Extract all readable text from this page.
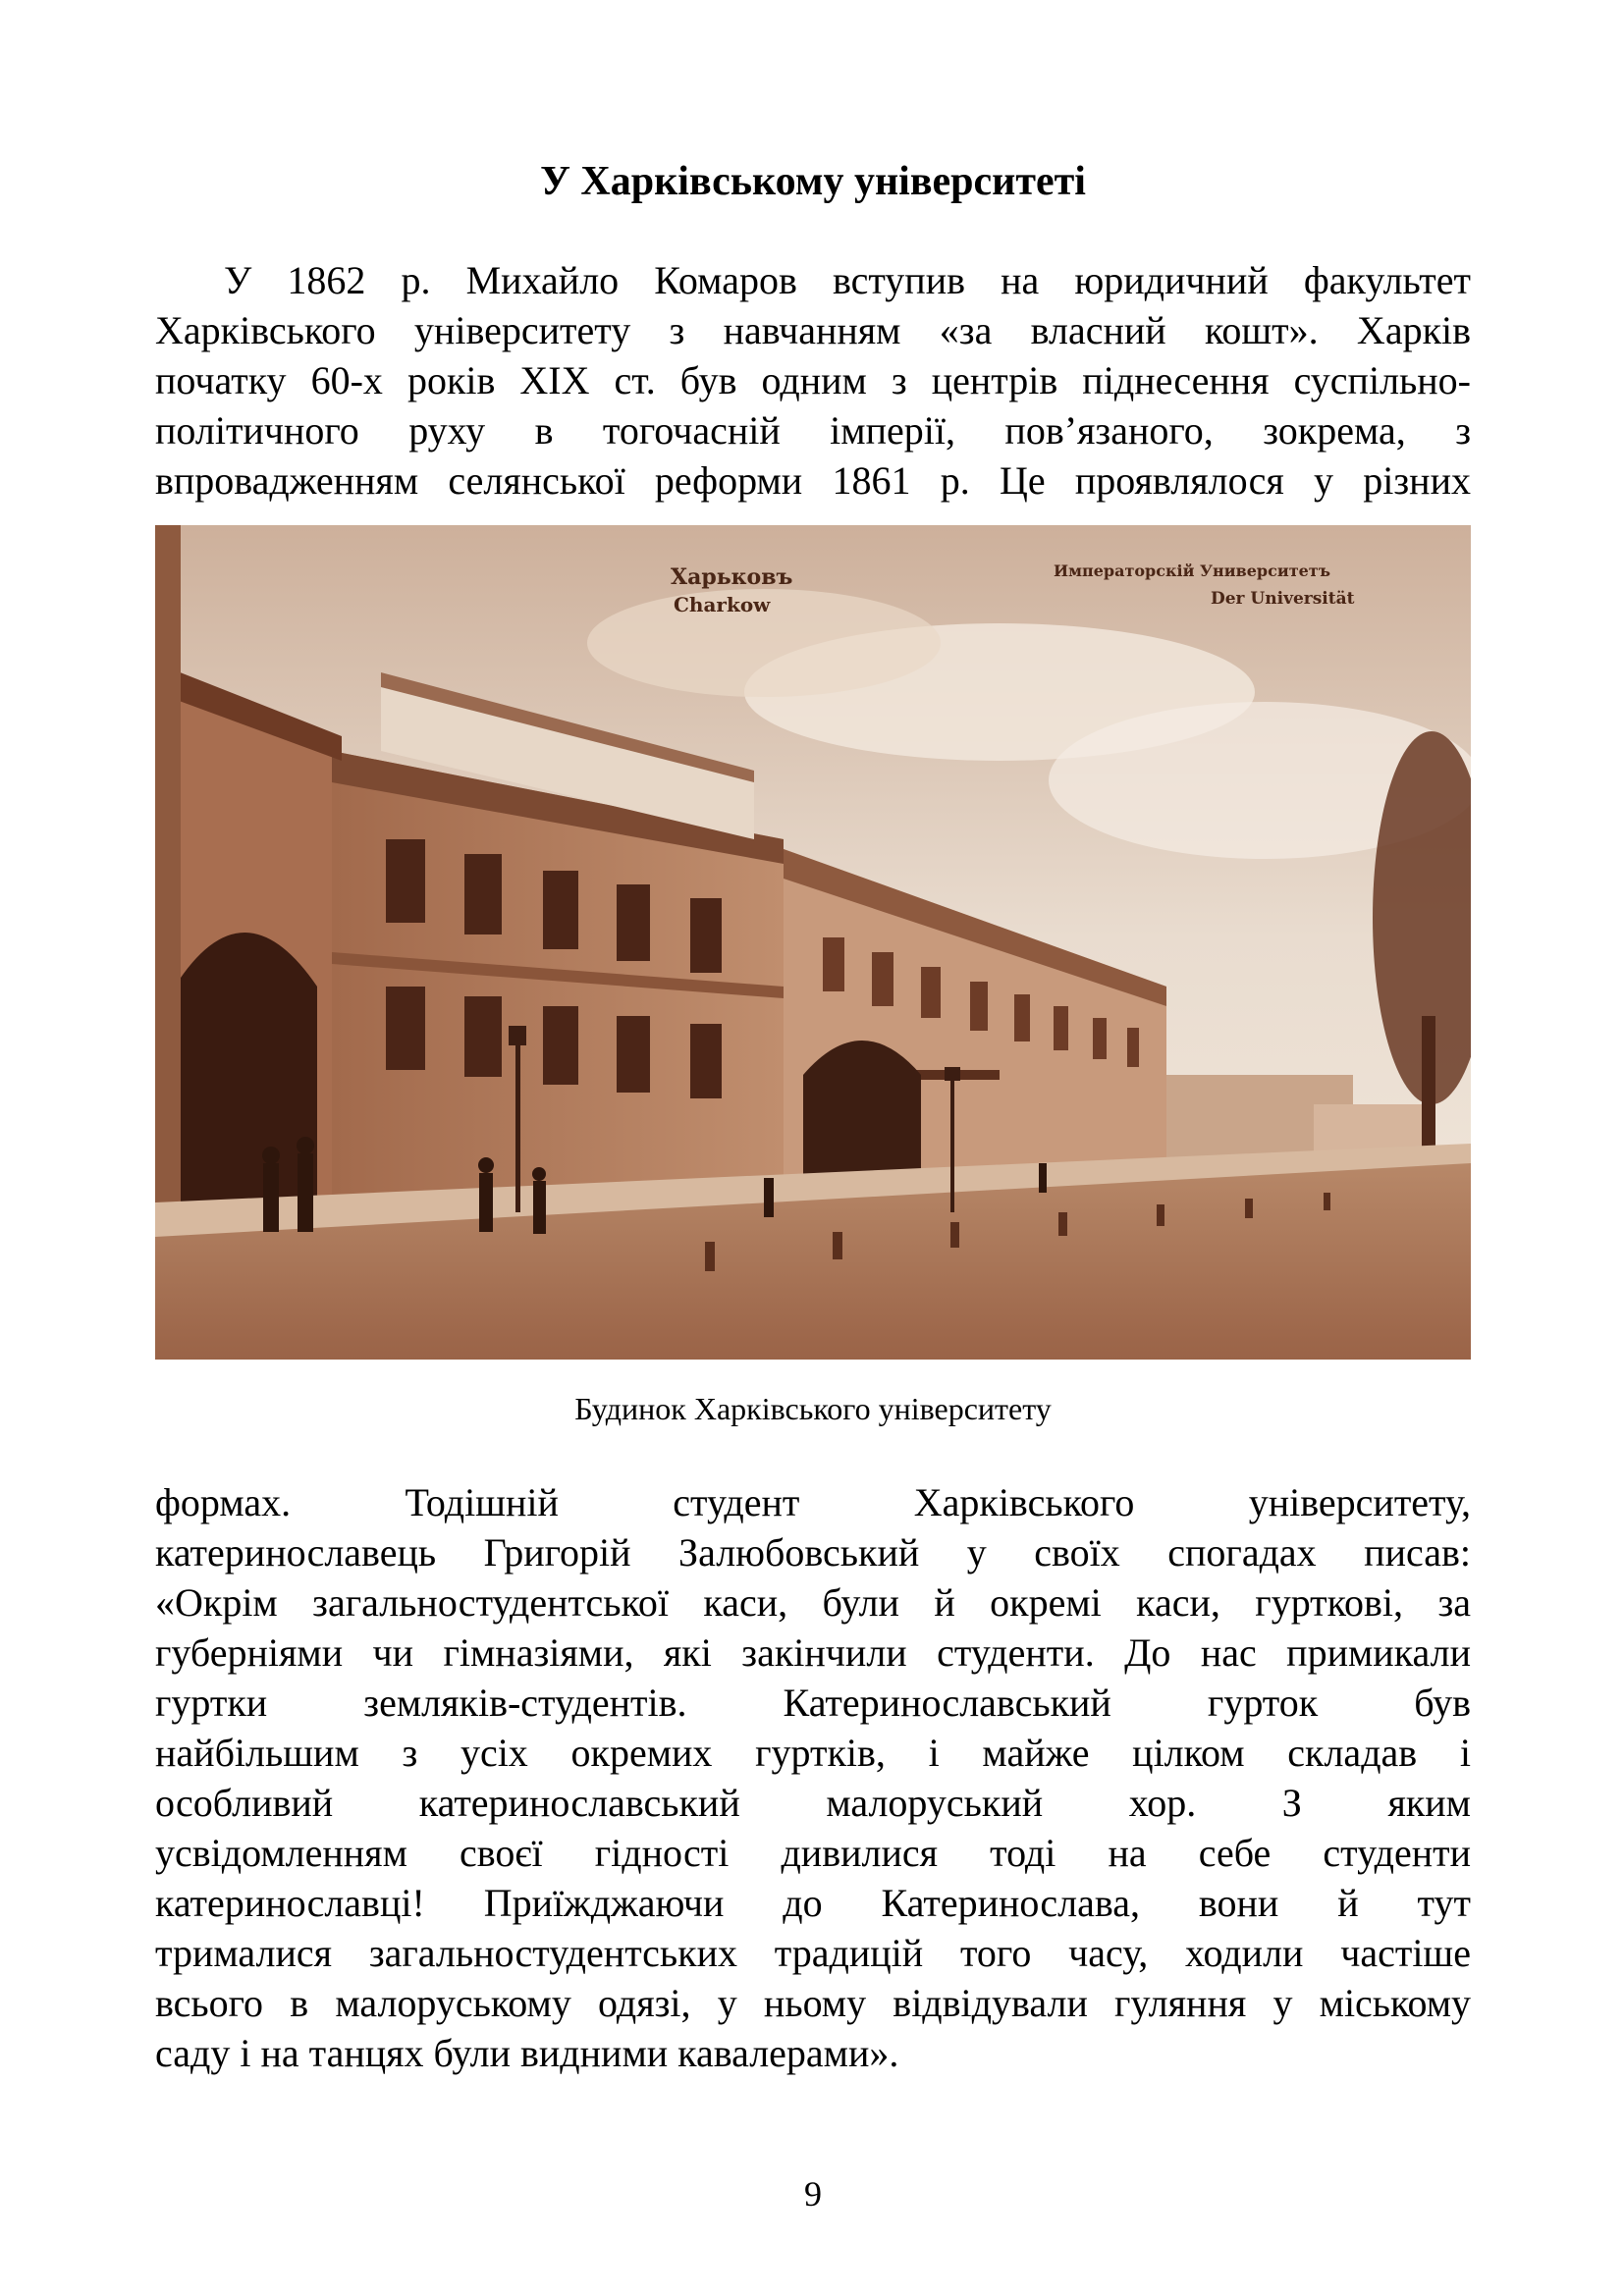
У Харківському університеті

У 1862 р. Михайло Комаров вступив на юридичний факультет
Харківського університету з навчанням «за власний кошт». Харків
початку 60-х років ХІХ ст. був одним з центрів піднесення суспільно-
політичного руху в тогочасній імперії, пов’язаного, зокрема, з
впровадженням селянської реформи 1861 р. Це проявлялося у різних

Харьковъ
Charkow
Императорскiй Университетъ
Der Universität
Будинок Харківського університету

формах. Тодішній студент Харківського університету,
катеринославець Григорій Залюбовський у своїх спогадах писав:
«Окрім загальностудентської каси, були й окремі каси, гурткові, за
губерніями чи гімназіями, які закінчили студенти. До нас примикали
гуртки земляків-студентів. Катеринославський гурток був
найбільшим з усіх окремих гуртків, і майже цілком складав і
особливий катеринославський малоруський хор. З яким
усвідомленням своєї гідності дивилися тоді на себе студенти
катеринославці! Приїжджаючи до Катеринослава, вони й тут
трималися загальностудентських традицій того часу, ходили частіше
всього в малоруському одязі, у ньому відвідували гуляння у міському
саду і на танцях були видними кавалерами».

9
